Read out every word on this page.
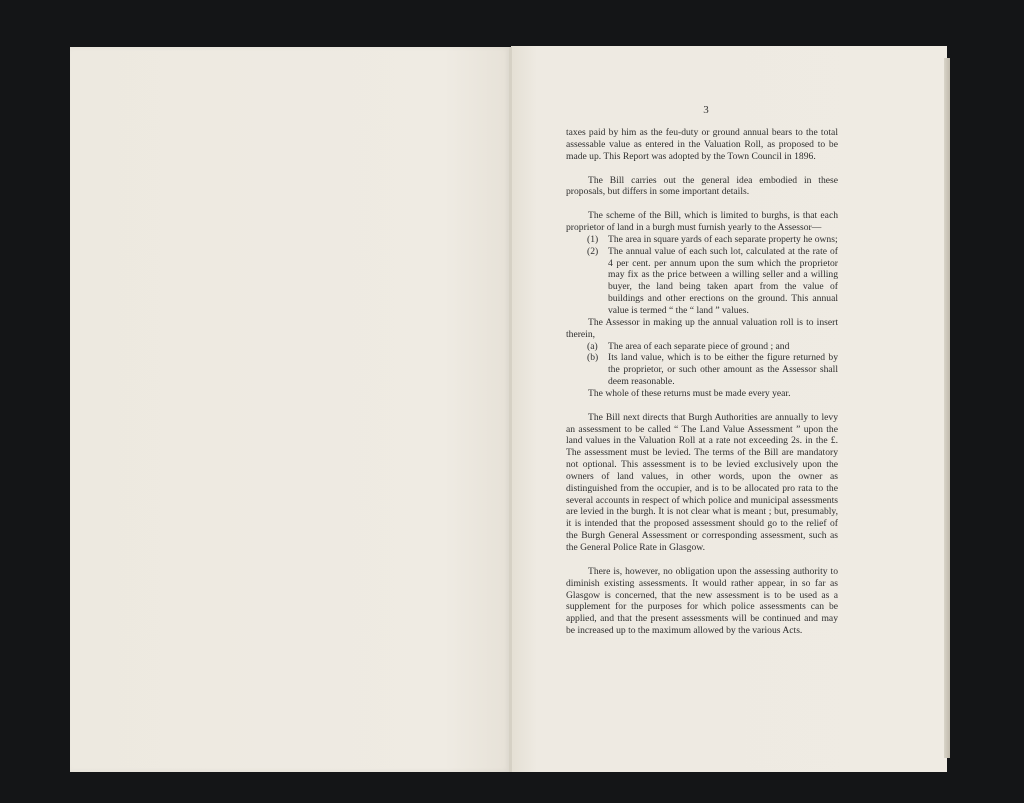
3

taxes paid by him as the feu-duty or ground annual bears to the total assessable value as entered in the Valuation Roll, as proposed to be made up. This Report was adopted by the Town Council in 1896.

The Bill carries out the general idea embodied in these proposals, but differs in some important details.

The scheme of the Bill, which is limited to burghs, is that each proprietor of land in a burgh must furnish yearly to the Assessor—

(1)	The area in square yards of each separate property he owns;
(2)	The annual value of each such lot, calculated at the rate of 4 per cent. per annum upon the sum which the proprietor may fix as the price between a willing seller and a willing buyer, the land being taken apart from the value of buildings and other erections on the ground. This annual value is termed “ the “ land ” values.

The Assessor in making up the annual valuation roll is to insert therein,

(a)	The area of each separate piece of ground ; and
(b)	Its land value, which is to be either the figure returned by the proprietor, or such other amount as the Assessor shall deem reasonable.

The whole of these returns must be made every year.

The Bill next directs that Burgh Authorities are annually to levy an assessment to be called “ The Land Value Assessment ” upon the land values in the Valuation Roll at a rate not exceeding 2s. in the £. The assessment must be levied. The terms of the Bill are mandatory not optional. This assessment is to be levied exclusively upon the owners of land values, in other words, upon the owner as distinguished from the occupier, and is to be allocated pro rata to the several accounts in respect of which police and municipal assessments are levied in the burgh. It is not clear what is meant ; but, presumably, it is intended that the proposed assessment should go to the relief of the Burgh General Assessment or corresponding assessment, such as the General Police Rate in Glasgow.

There is, however, no obligation upon the assessing authority to diminish existing assessments. It would rather appear, in so far as Glasgow is concerned, that the new assessment is to be used as a supplement for the purposes for which police assessments can be applied, and that the present assessments will be continued and may be increased up to the maximum allowed by the various Acts.
